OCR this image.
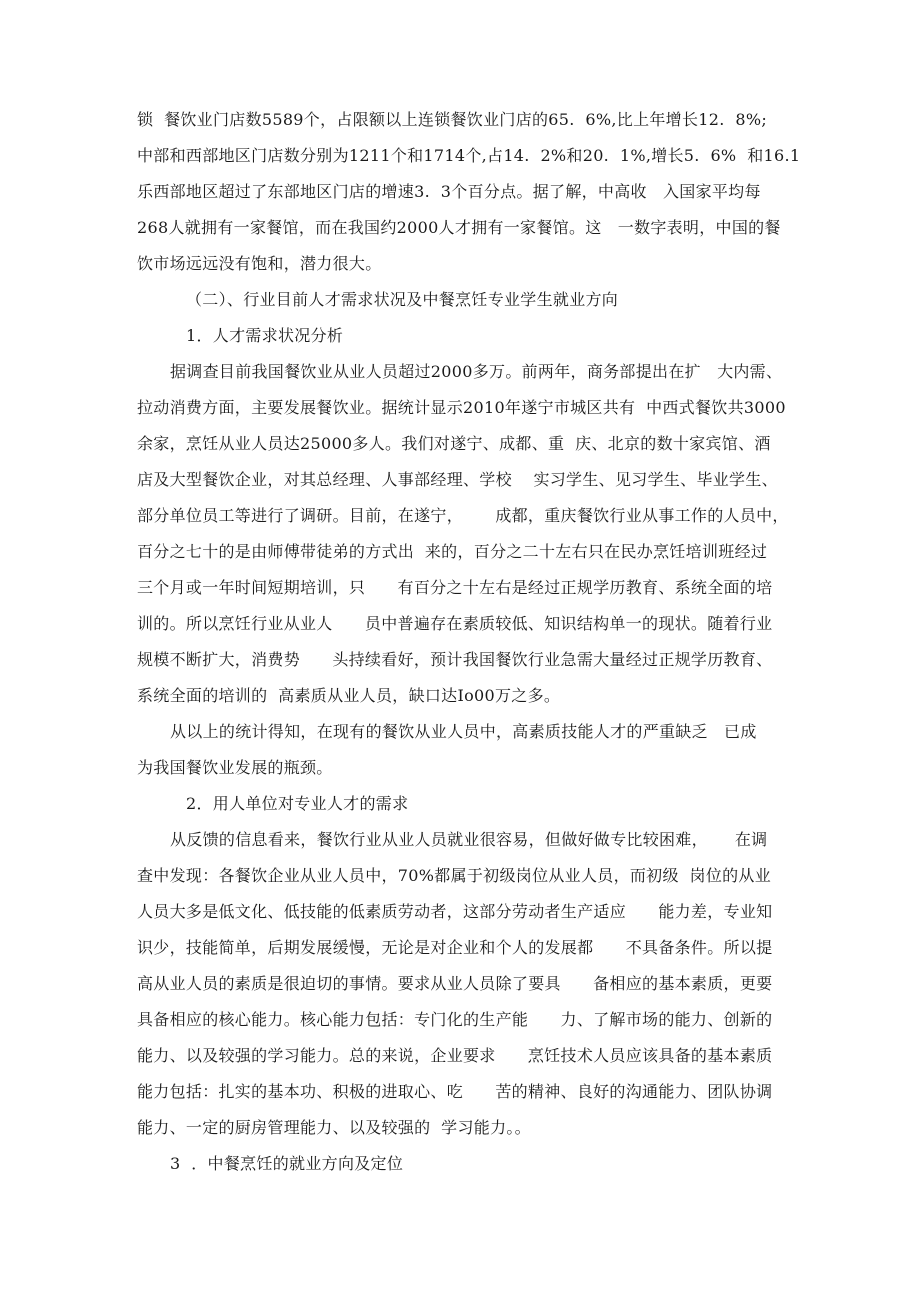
锁  餐饮业门店数5589个，占限额以上连锁餐饮业门店的65.  6%,比上年增长12.  8%;
中部和西部地区门店数分别为1211个和1714个,占14.  2%和20.  1%,增长5.  6%  和16.1
乐西部地区超过了东部地区门店的增速3.  3个百分点。据了解，中高收   入国家平均每
268人就拥有一家餐馆，而在我国约2000人才拥有一家餐馆。这   一数字表明，中国的餐
饮市场远远没有饱和，潜力很大。
（二）、行业目前人才需求状况及中餐烹饪专业学生就业方向
1．人才需求状况分析
据调查目前我国餐饮业从业人员超过2000多万。前两年，商务部提出在扩   大内需、
拉动消费方面，主要发展餐饮业。据统计显示2010年遂宁市城区共有  中西式餐饮共3000
余家，烹饪从业人员达25000多人。我们对遂宁、成都、重  庆、北京的数十家宾馆、酒
店及大型餐饮企业，对其总经理、人事部经理、学校    实习学生、见习学生、毕业学生、
部分单位员工等进行了调研。目前，在遂宁，      成都，重庆餐饮行业从事工作的人员中，
百分之七十的是由师傅带徒弟的方式出  来的，百分之二十左右只在民办烹饪培训班经过
三个月或一年时间短期培训，只      有百分之十左右是经过正规学历教育、系统全面的培
训的。所以烹饪行业从业人      员中普遍存在素质较低、知识结构单一的现状。随着行业
规模不断扩大，消费势      头持续看好，预计我国餐饮行业急需大量经过正规学历教育、
系统全面的培训的  高素质从业人员，缺口达Io00万之多。
从以上的统计得知，在现有的餐饮从业人员中，高素质技能人才的严重缺乏   已成
为我国餐饮业发展的瓶颈。
2．用人单位对专业人才的需求
从反馈的信息看来，餐饮行业从业人员就业很容易，但做好做专比较困难，     在调
查中发现：各餐饮企业从业人员中，70%都属于初级岗位从业人员，而初级  岗位的从业
人员大多是低文化、低技能的低素质劳动者，这部分劳动者生产适应      能力差，专业知
识少，技能简单，后期发展缓慢，无论是对企业和个人的发展都      不具备条件。所以提
高从业人员的素质是很迫切的事情。要求从业人员除了要具      备相应的基本素质，更要
具备相应的核心能力。核心能力包括：专门化的生产能      力、了解市场的能力、创新的
能力、以及较强的学习能力。总的来说，企业要求      烹饪技术人员应该具备的基本素质
能力包括：扎实的基本功、积极的进取心、吃      苦的精神、良好的沟通能力、团队协调
能力、一定的厨房管理能力、以及较强的  学习能力。。
3  ．中餐烹饪的就业方向及定位
